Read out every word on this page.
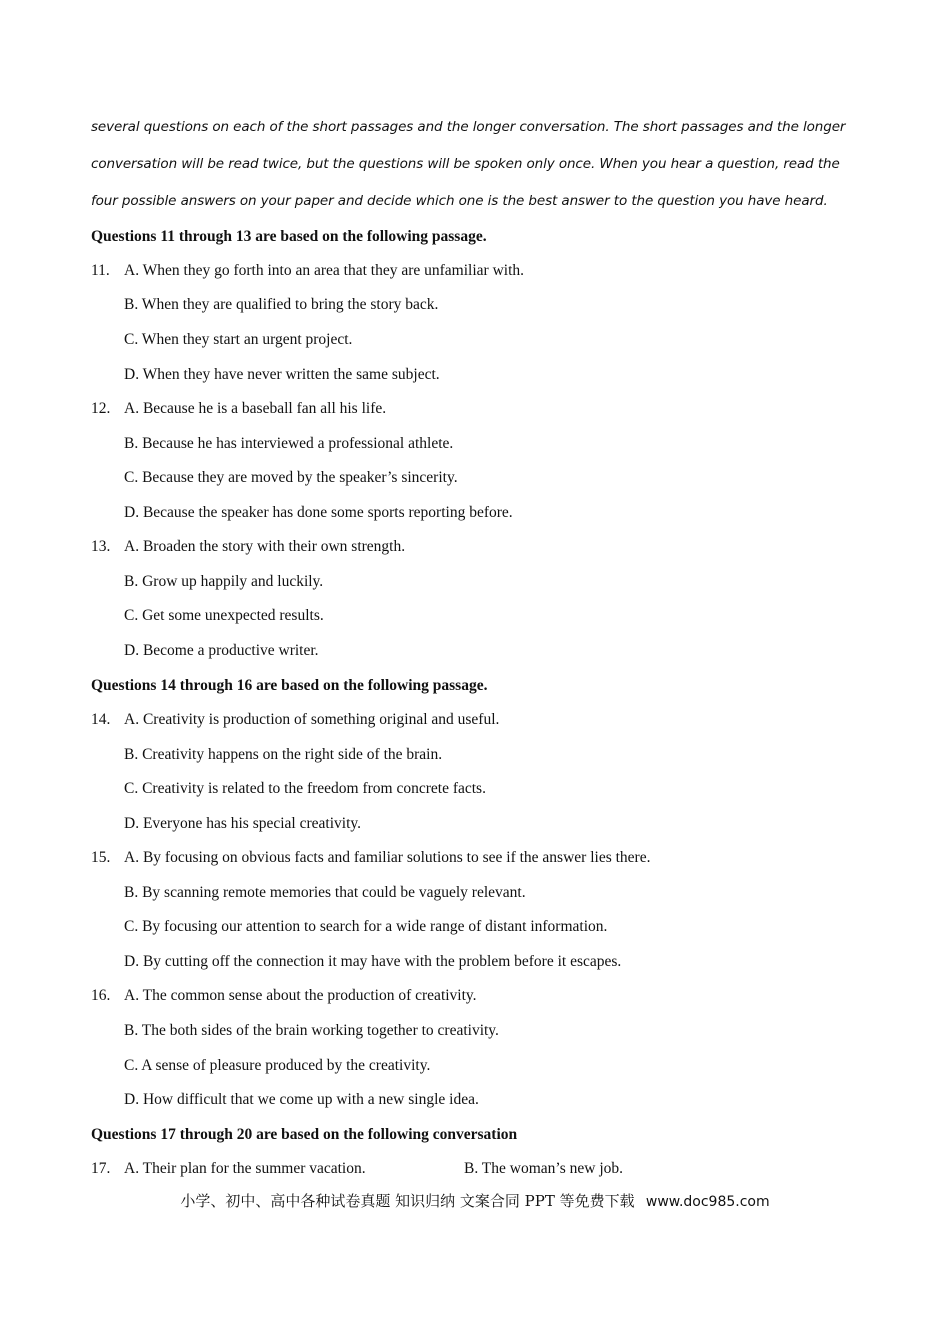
several questions on each of the short passages and the longer conversation. The short passages and the longer
conversation will be read twice, but the questions will be spoken only once. When you hear a question, read the
four possible answers on your paper and decide which one is the best answer to the question you have heard.
Questions 11 through 13 are based on the following passage.
11. A. When they go forth into an area that they are unfamiliar with.
B. When they are qualified to bring the story back.
C. When they start an urgent project.
D. When they have never written the same subject.
12. A. Because he is a baseball fan all his life.
B. Because he has interviewed a professional athlete.
C. Because they are moved by the speaker’s sincerity.
D. Because the speaker has done some sports reporting before.
13. A. Broaden the story with their own strength.
B. Grow up happily and luckily.
C. Get some unexpected results.
D. Become a productive writer.
Questions 14 through 16 are based on the following passage.
14. A. Creativity is production of something original and useful.
B. Creativity happens on the right side of the brain.
C. Creativity is related to the freedom from concrete facts.
D. Everyone has his special creativity.
15. A. By focusing on obvious facts and familiar solutions to see if the answer lies there.
B. By scanning remote memories that could be vaguely relevant.
C. By focusing our attention to search for a wide range of distant information.
D. By cutting off the connection it may have with the problem before it escapes.
16. A. The common sense about the production of creativity.
B. The both sides of the brain working together to creativity.
C. A sense of pleasure produced by the creativity.
D. How difficult that we come up with a new single idea.
Questions 17 through 20 are based on the following conversation
17. A. Their plan for the summer vacation.	B. The woman’s new job.
小学、初中、高中各种试卷真题 知识归纳 文案合同 PPT 等免费下载 www.doc985.com
